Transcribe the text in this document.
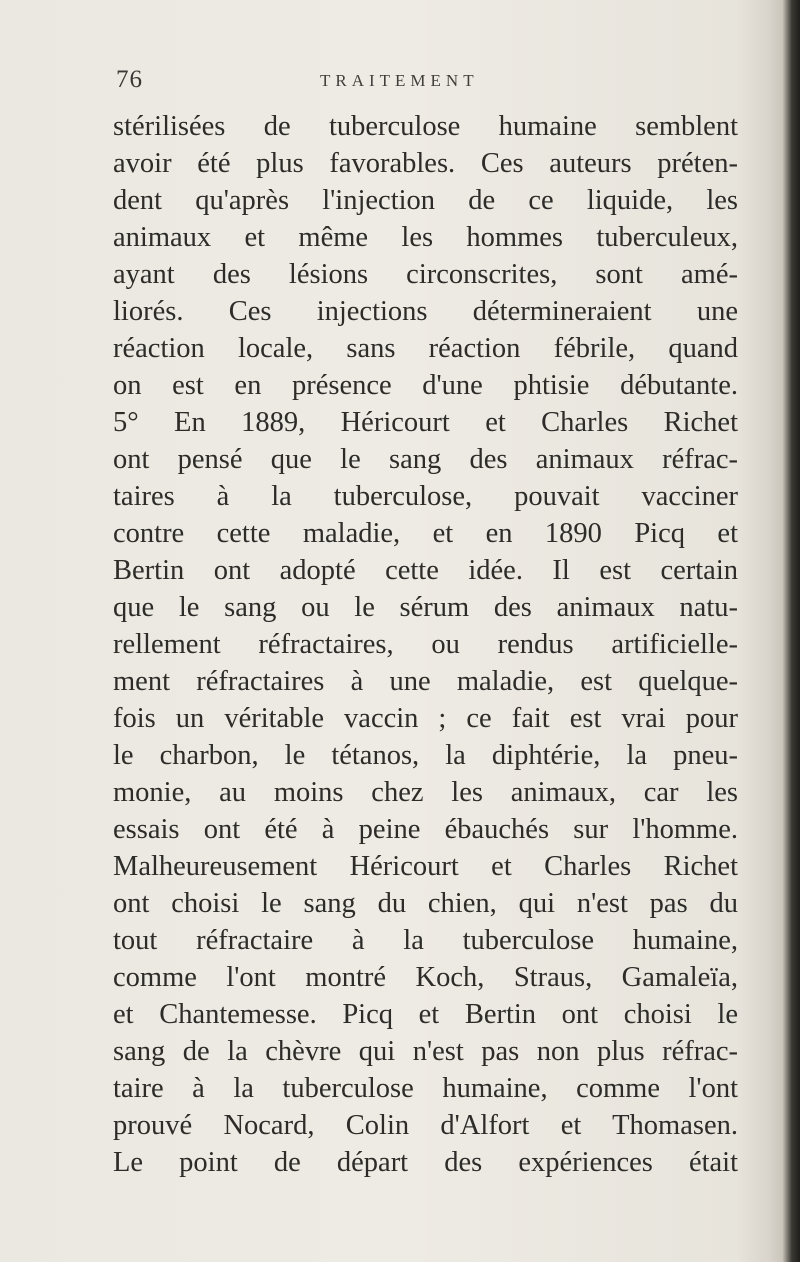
76	TRAITEMENT
stérilisées de tuberculose humaine semblent
avoir été plus favorables. Ces auteurs préten-
dent qu'après l'injection de ce liquide, les
animaux et même les hommes tuberculeux,
ayant des lésions circonscrites, sont amé-
liorés. Ces injections détermineraient une
réaction locale, sans réaction fébrile, quand
on est en présence d'une phtisie débutante.
5° En 1889, Héricourt et Charles Richet
ont pensé que le sang des animaux réfrac-
taires à la tuberculose, pouvait vacciner
contre cette maladie, et en 1890 Picq et
Bertin ont adopté cette idée. Il est certain
que le sang ou le sérum des animaux natu-
rellement réfractaires, ou rendus artificielle-
ment réfractaires à une maladie, est quelque-
fois un véritable vaccin ; ce fait est vrai pour
le charbon, le tétanos, la diphtérie, la pneu-
monie, au moins chez les animaux, car les
essais ont été à peine ébauchés sur l'homme.
Malheureusement Héricourt et Charles Richet
ont choisi le sang du chien, qui n'est pas du
tout réfractaire à la tuberculose humaine,
comme l'ont montré Koch, Straus, Gamaleïa,
et Chantemesse. Picq et Bertin ont choisi le
sang de la chèvre qui n'est pas non plus réfrac-
taire à la tuberculose humaine, comme l'ont
prouvé Nocard, Colin d'Alfort et Thomasen.
Le point de départ des expériences était
